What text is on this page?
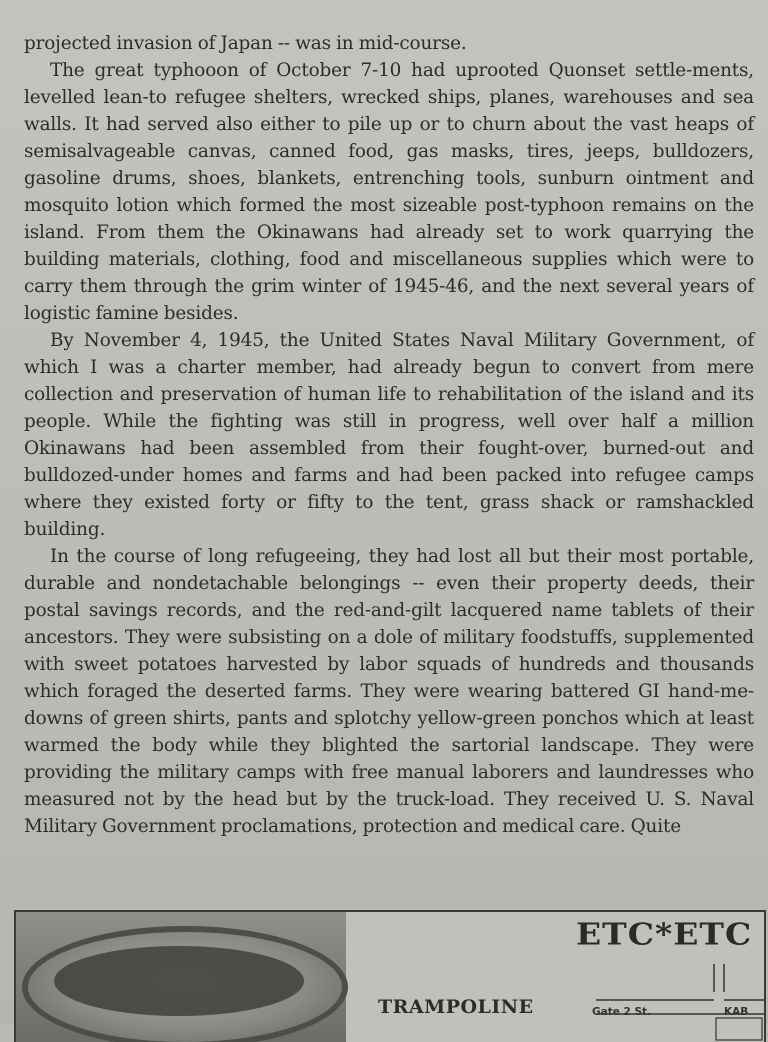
projected invasion of Japan -- was in mid-course.

The great typhooon of October 7-10 had uprooted Quonset settle-ments, levelled lean-to refugee shelters, wrecked ships, planes, warehouses and sea walls. It had served also either to pile up or to churn about the vast heaps of semisalvageable canvas, canned food, gas masks, tires, jeeps, bulldozers, gasoline drums, shoes, blankets, entrenching tools, sunburn ointment and mosquito lotion which formed the most sizeable post-typhoon remains on the island. From them the Okinawans had already set to work quarrying the building materials, clothing, food and miscellaneous supplies which were to carry them through the grim winter of 1945-46, and the next several years of logistic famine besides.

By November 4, 1945, the United States Naval Military Government, of which I was a charter member, had already begun to convert from mere collection and preservation of human life to rehabilitation of the island and its people. While the fighting was still in progress, well over half a million Okinawans had been assembled from their fought-over, burned-out and bulldozed-under homes and farms and had been packed into refugee camps where they existed forty or fifty to the tent, grass shack or ramshackled building.

In the course of long refugeeing, they had lost all but their most portable, durable and nondetachable belongings -- even their property deeds, their postal savings records, and the red-and-gilt lacquered name tablets of their ancestors. They were subsisting on a dole of military foodstuffs, supplemented with sweet potatoes harvested by labor squads of hundreds and thousands which foraged the deserted farms. They were wearing battered GI hand-me-downs of green shirts, pants and splotchy yellow-green ponchos which at least warmed the body while they blighted the sartorial landscape. They were providing the military camps with free manual laborers and laundresses who measured not by the head but by the truck-load. They received U. S. Naval Military Government proclamations, protection and medical care. Quite

TRAMPOLINE
ETC*ETC
Gate 2 St.	KAB
